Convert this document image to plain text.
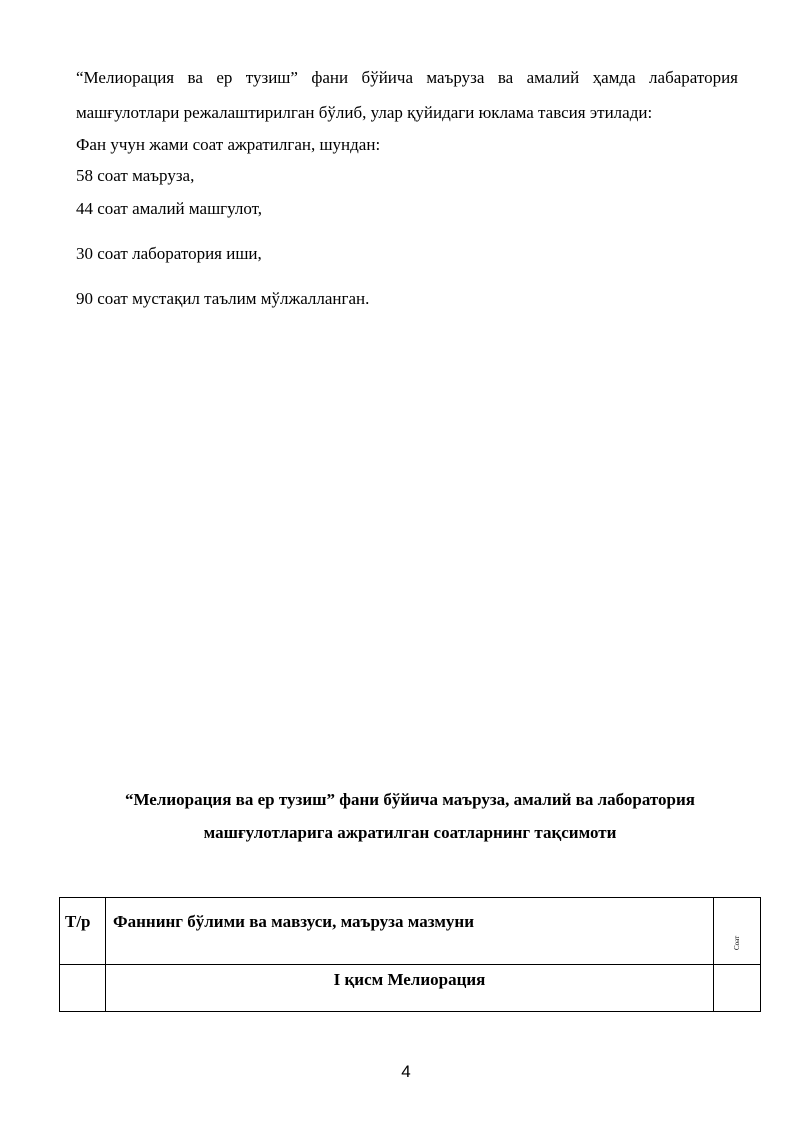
“Мелиорация ва ер тузиш” фани бўйича маъруза ва амалий ҳамда лабаратория

машғулотлари режалаштирилган бўлиб, улар қуйидаги юклама тавсия этилади:

Фан учун жами соат ажратилган, шундан:

58 соат маъруза,

44 соат амалий машгулот,

30 соат лаборатория иши,

90 соат мустақил таълим мўлжалланган.

“Мелиорация ва ер тузиш” фани бўйича маъруза, амалий ва лаборатория

машғулотларига ажратилган соатларнинг тақсимоти

Т/р	Фаннинг бўлими ва мавзуси, маъруза мазмуни	Соат

	I қисм Мелиорация	

4
